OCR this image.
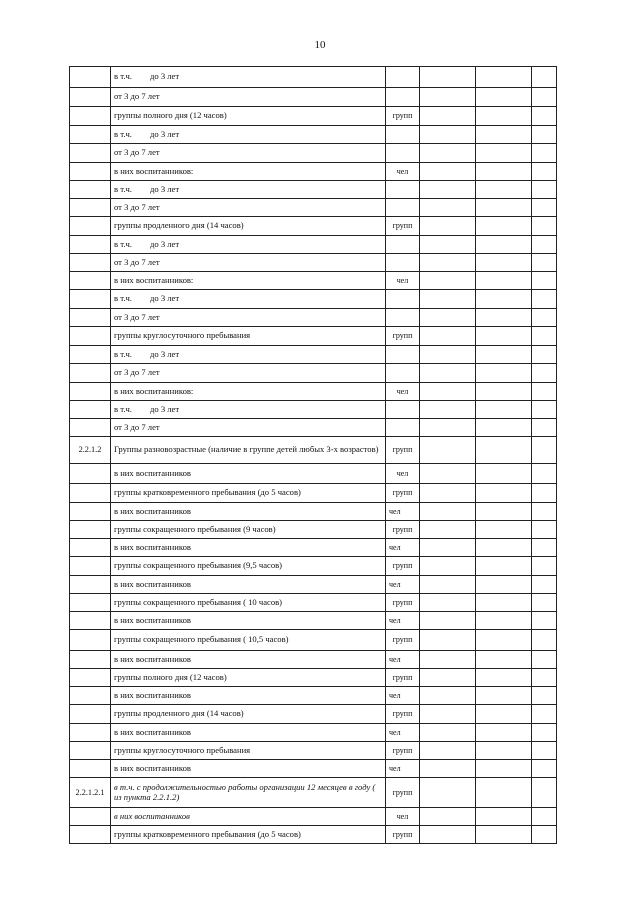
10
	в т.ч. до 3 лет				
	от 3 до 7 лет				
	группы полного дня (12 часов)	групп			
	в т.ч. до 3 лет				
	от 3 до 7 лет				
	в них воспитанников:	чел			
	в т.ч. до 3 лет				
	от 3 до 7 лет				
	группы продленного дня (14 часов)	групп			
	в т.ч. до 3 лет				
	от 3 до 7 лет				
	в них воспитанников:	чел			
	в т.ч. до 3 лет				
	от 3 до 7 лет				
	группы круглосуточного пребывания	групп			
	в т.ч. до 3 лет				
	от 3 до 7 лет				
	в них воспитанников:	чел			
	в т.ч. до 3 лет				
	от 3 до 7 лет				
2.2.1.2	Группы разновозрастные (наличие в группе детей любых 3-х возрастов)	групп			
	в них воспитанников	чел			
	группы кратковременного пребывания (до 5 часов)	групп			
	в них воспитанников	чел			
	группы сокращенного пребывания (9 часов)	групп			
	в них воспитанников	чел			
	группы сокращенного пребывания (9,5 часов)	групп			
	в них воспитанников	чел			
	группы сокращенного пребывания ( 10 часов)	групп			
	в них воспитанников	чел			
	группы сокращенного пребывания ( 10,5 часов)	групп			
	в них воспитанников	чел			
	группы полного дня (12 часов)	групп			
	в них воспитанников	чел			
	группы продленного дня (14 часов)	групп			
	в них воспитанников	чел			
	группы круглосуточного пребывания	групп			
	в них воспитанников	чел			
2.2.1.2.1	в т.ч. с продолжительностью работы организации 12 месяцев в году ( из пункта 2.2.1.2)	групп			
	в них воспитанников	чел			
	группы кратковременного пребывания (до 5 часов)	групп			
